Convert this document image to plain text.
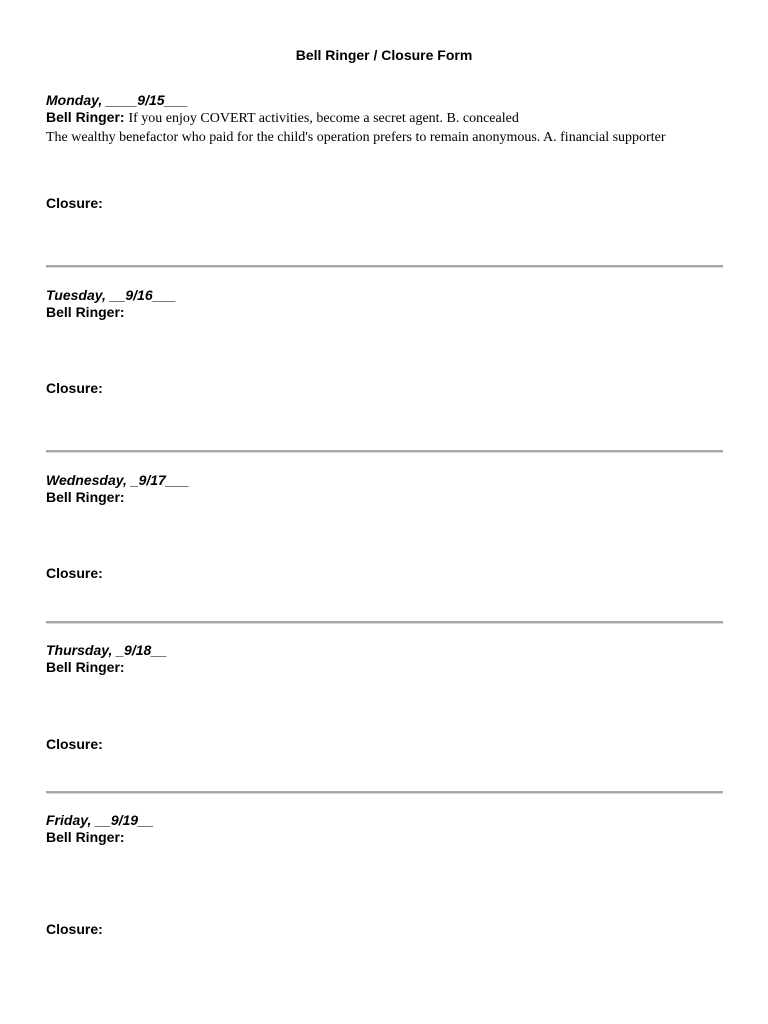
Bell Ringer / Closure Form

Monday, ____9/15___

Bell Ringer: If you enjoy COVERT activities, become a secret agent. B. concealed

The wealthy benefactor who paid for the child's operation prefers to remain anonymous. A. financial supporter

Closure:

Tuesday, __9/16___

Bell Ringer:

Closure:

Wednesday, _9/17___

Bell Ringer:

Closure:

Thursday, _9/18__

Bell Ringer:

Closure:

Friday, __9/19__

Bell Ringer:

Closure:
